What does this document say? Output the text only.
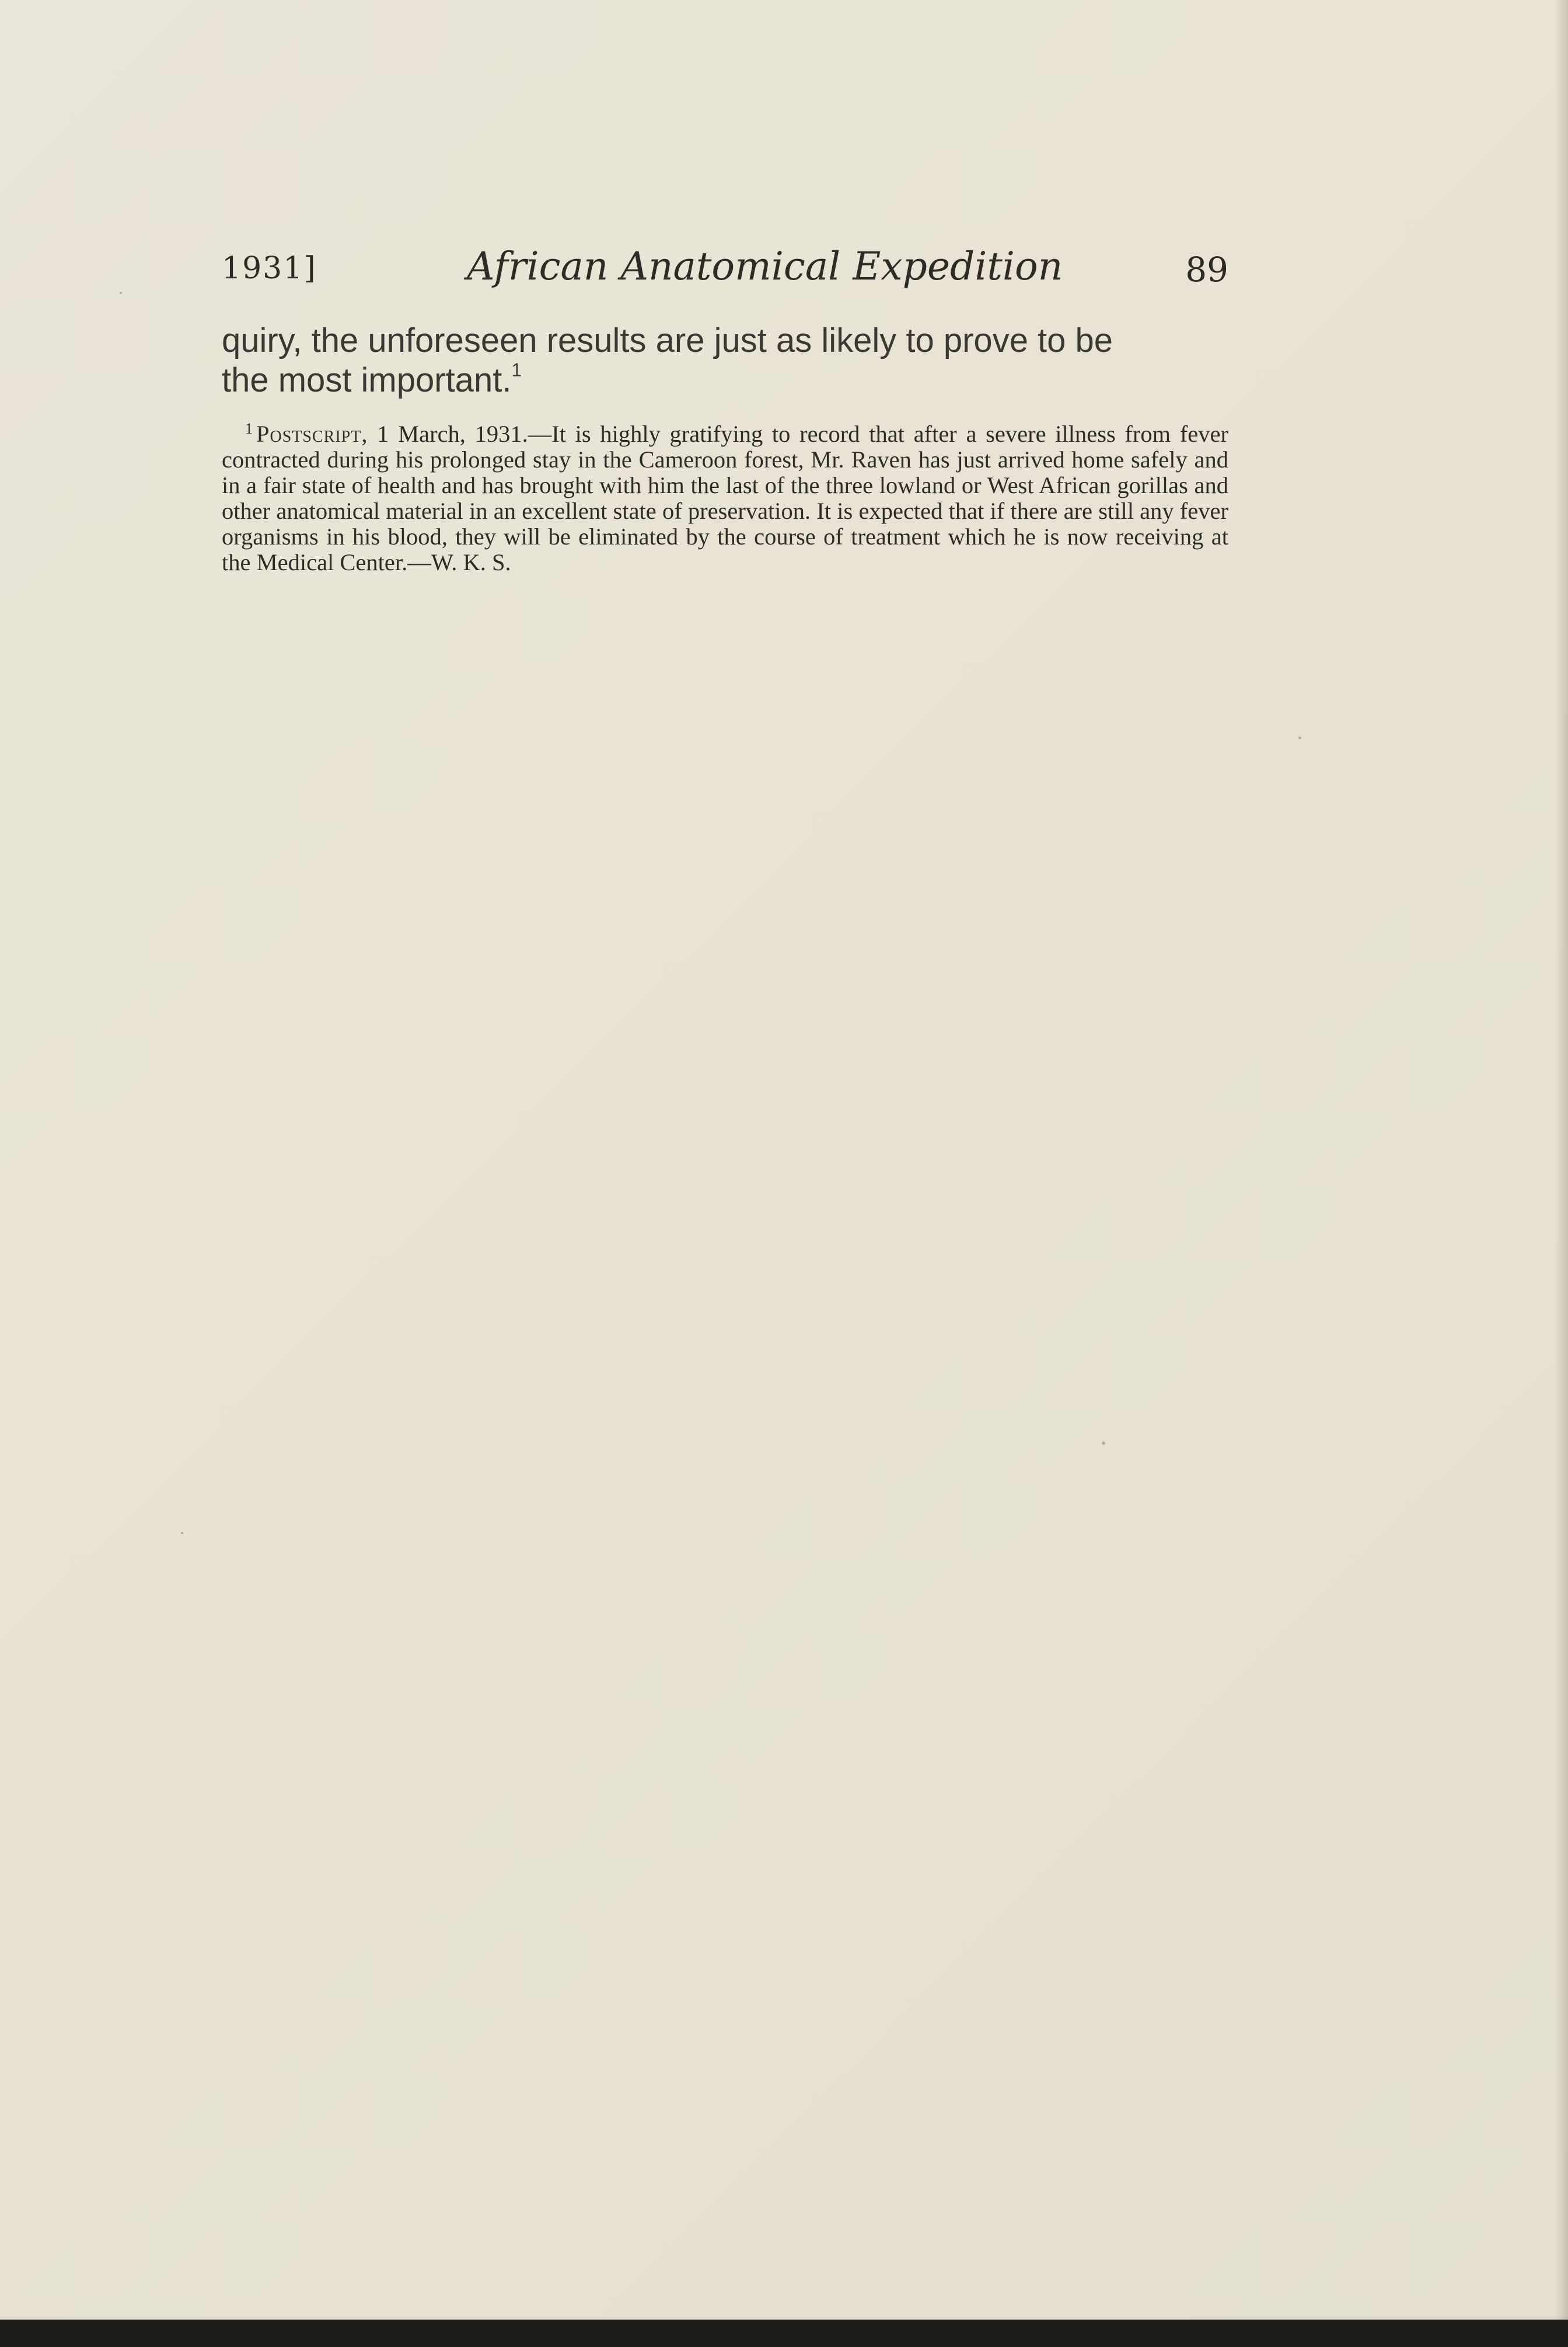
1931]	African Anatomical Expedition	89
quiry, the unforeseen results are just as likely to prove to be
the most important.$^1$
$^1$ Postscript, 1 March, 1931.—It is highly gratifying to record that after a severe illness from fever contracted during his prolonged stay in the Cameroon forest, Mr. Raven has just arrived home safely and in a fair state of health and has brought with him the last of the three lowland or West African gorillas and other anatomical material in an excellent state of preservation. It is expected that if there are still any fever organisms in his blood, they will be eliminated by the course of treatment which he is now receiving at the Medical Center.—W. K. S.
